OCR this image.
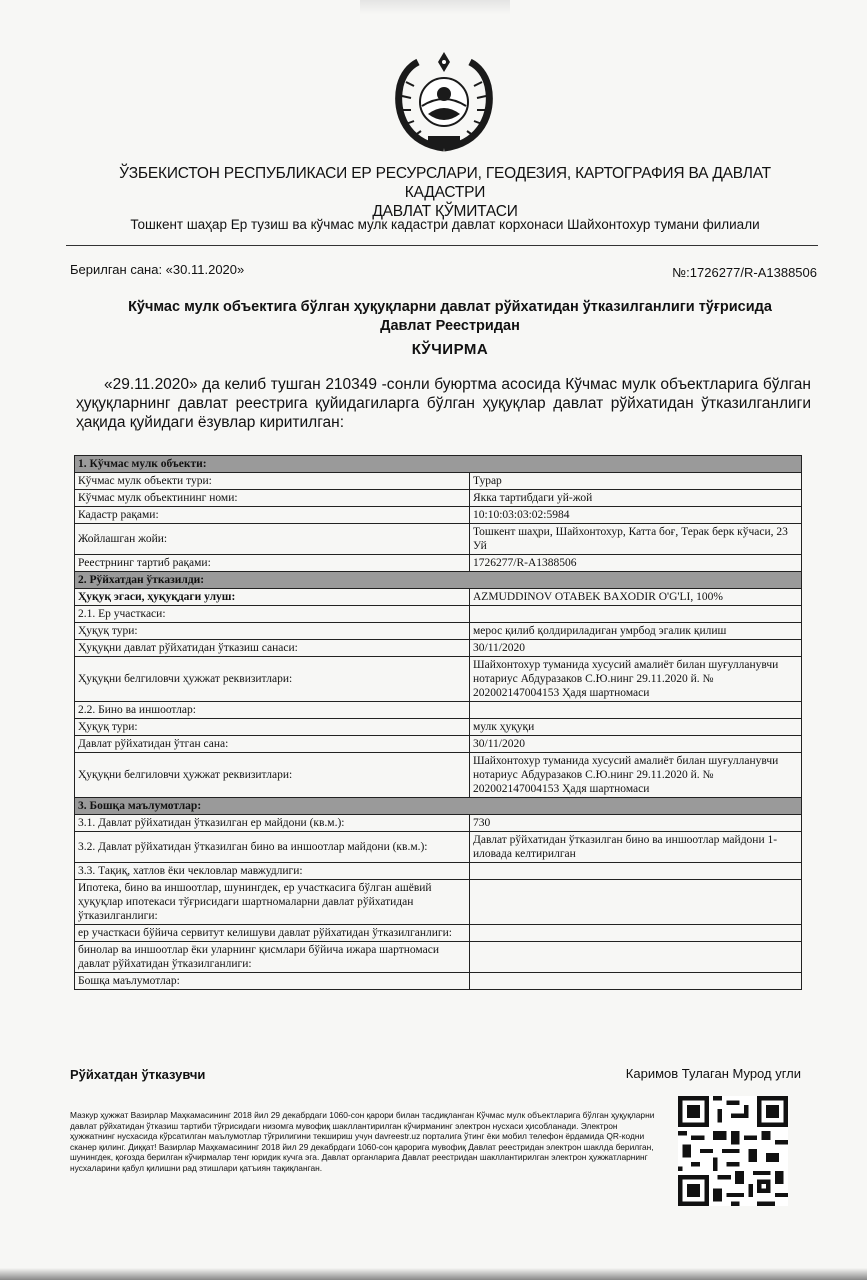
ЎЗБЕКИСТОН РЕСПУБЛИКАСИ ЕР РЕСУРСЛАРИ, ГЕОДЕЗИЯ, КАРТОГРАФИЯ ВА ДАВЛАТ КАДАСТРИ
ДАВЛАТ ҚЎМИТАСИ
Тошкент шаҳар Ер тузиш ва кўчмас мулк кадастри давлат корхонаси Шайхонтохур тумани филиали
Берилган сана: «30.11.2020»	№:1726277/R-A1388506
Кўчмас мулк объектига бўлган ҳуқуқларни давлат рўйхатидан ўтказилганлиги тўғрисида
Давлат Реестридан
КЎЧИРМА
«29.11.2020» да келиб тушган 210349 -сонли буюртма асосида Кўчмас мулк объектларига бўлган ҳуқуқларнинг давлат реестрига қуйидагиларга бўлган ҳуқуқлар давлат рўйхатидан ўтказилганлиги ҳақида қуйидаги ёзувлар киритилган:
1. Кўчмас мулк объекти:	
Кўчмас мулк объекти тури:	Турар
Кўчмас мулк объектининг номи:	Якка тартибдаги уй-жой
Кадастр рақами:	10:10:03:03:02:5984
Жойлашган жойи:	Тошкент шаҳри, Шайхонтохур, Катта боғ, Терак берк кўчаси, 23 Уй
Реестрнинг тартиб рақами:	1726277/R-A1388506
2. Рўйхатдан ўтказилди:	
Ҳуқуқ эгаси, ҳуқуқдаги улуш:	AZMUDDINOV OTABEK BAXODIR O'G'LI, 100%
2.1. Ер участкаси:	
Ҳуқуқ тури:	мерос қилиб қолдириладиган умрбод эгалик қилиш
Ҳуқуқни давлат рўйхатидан ўтказиш санаси:	30/11/2020
Ҳуқуқни белгиловчи ҳужжат реквизитлари:	Шайхонтохур туманида хусусий амалиёт билан шуғулланувчи нотариус Абдуразаков С.Ю.нинг 29.11.2020 й. № 202002147004153 Ҳадя шартномаси
2.2. Бино ва иншоотлар:	
Ҳуқуқ тури:	мулк ҳуқуқи
Давлат рўйхатидан ўтган сана:	30/11/2020
Ҳуқуқни белгиловчи ҳужжат реквизитлари:	Шайхонтохур туманида хусусий амалиёт билан шуғулланувчи нотариус Абдуразаков С.Ю.нинг 29.11.2020 й. № 202002147004153 Ҳадя шартномаси
3. Бошқа маълумотлар:	
3.1. Давлат рўйхатидан ўтказилган ер майдони (кв.м.):	730
3.2. Давлат рўйхатидан ўтказилган бино ва иншоотлар майдони (кв.м.):	Давлат рўйхатидан ўтказилган бино ва иншоотлар майдони 1-иловада келтирилган
3.3. Тақиқ, хатлов ёки чекловлар мавжудлиги:	
Ипотека, бино ва иншоотлар, шунингдек, ер участкасига бўлган ашёвий ҳуқуқлар ипотекаси тўғрисидаги шартномаларни давлат рўйхатидан ўтказилганлиги:	
ер участкаси бўйича сервитут келишуви давлат рўйхатидан ўтказилганлиги:	
бинолар ва иншоотлар ёки уларнинг қисмлари бўйича ижара шартномаси давлат рўйхатидан ўтказилганлиги:	
Бошқа маълумотлар:	
Рўйхатдан ўтказувчи	Каримов Тулаган Мурод угли
Мазкур ҳужжат Вазирлар Маҳкамасининг 2018 йил 29 декабрдаги 1060-сон қарори билан тасдиқланган Кўчмас мулк объектларига бўлган ҳуқуқларни давлат рўйхатидан ўтказиш тартиби тўғрисидаги низомга мувофиқ шакллантирилган кўчирманинг электрон нусхаси ҳисобланади. Электрон ҳужжатнинг нусхасида кўрсатилган маълумотлар тўғрилигини текшириш учун davreestr.uz порталига ўтинг ёки мобил телефон ёрдамида QR-кодни сканер қилинг. Диққат! Вазирлар Маҳкамасининг 2018 йил 29 декабрдаги 1060-сон қарорига мувофиқ Давлат реестридан электрон шаклда берилган, шунингдек, қоғозда берилган кўчирмалар тенг юридик кучга эга. Давлат органларига Давлат реестридан шакллантирилган электрон ҳужжатларнинг нусхаларини қабул қилишни рад этишлари қатъиян тақиқланган.
